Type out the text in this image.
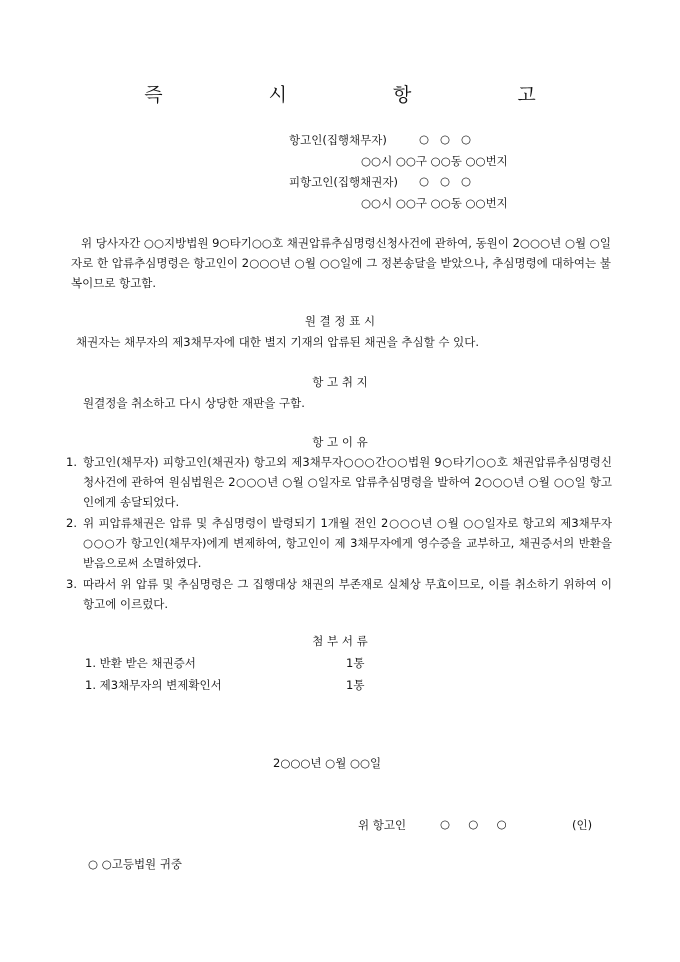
즉 시 항 고
항고인(집행채무자)	○   ○   ○
○○시 ○○구 ○○동 ○○번지
피항고인(집행채권자) ○   ○   ○
○○시 ○○구 ○○동 ○○번지
위 당사자간 ○○지방법원 9○타기○○호 채권압류추심명령신청사건에 관하여, 동원이 2○○○년 ○월 ○일자로 한 압류추심명령은 항고인이 2○○○년 ○월 ○○일에 그 정본송달을 받았으나, 추심명령에 대하여는 불복이므로 항고함.
원 결 정 표 시
채권자는 채무자의 제3채무자에 대한 별지 기재의 압류된 채권을 추심할 수 있다.
항 고 취 지
원결정을 취소하고 다시 상당한 재판을 구함.
항 고 이 유
1. 항고인(채무자) 피항고인(채권자) 항고외 제3채무자○○○간○○법원 9○타기○○호 채권압류추심명령신청사건에 관하여 원심법원은 2○○○년 ○월 ○일자로 압류추심명령을 발하여 2○○○년 ○월 ○○일 항고인에게 송달되었다.
2. 위 피압류채권은 압류 및 추심명령이 발령되기 1개월 전인 2○○○년 ○월 ○○일자로 항고외 제3채무자 ○○○가 항고인(채무자)에게 변제하여, 항고인이 제 3채무자에게 영수증을 교부하고, 채권증서의 반환을 받음으로써 소멸하였다.
3. 따라서 위 압류 및 추심명령은 그 집행대상 채권의 부존재로 실체상 무효이므로, 이를 취소하기 위하여 이 항고에 이르렀다.
첨 부 서 류
1. 반환 받은 채권증서	1통
1. 제3채무자의 변제확인서	1통
2○○○년 ○월 ○○일
위 항고인	○     ○     ○	(인)
○ ○고등법원 귀중
